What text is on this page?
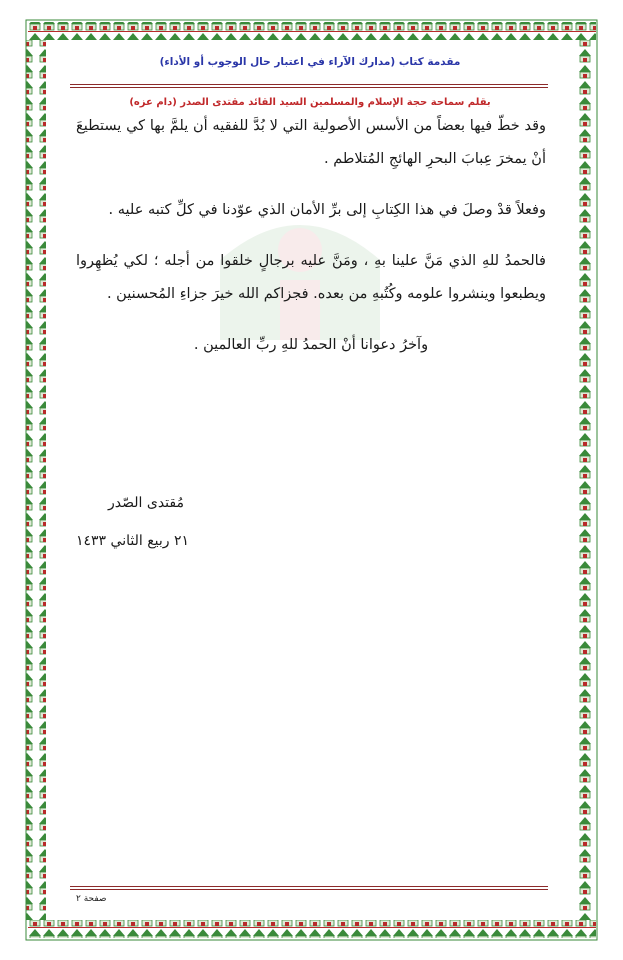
مقدمة كتاب (مدارك الآراء في اعتبار حال الوجوب أو الأداء)
بقلم سماحة حجة الإسلام والمسلمين السيد القائد مقتدى الصدر (دام عزه)

وقد خطّ فيها بعضاً من الأسس الأصولية التي لا بُدَّ للفقيه أن يلمَّ بها كي يستطيعَ أنْ يمخرَ عِبابَ البحرِ الهائجِ المُتلاطم .

وفعلاً قدْ وصلَ في هذا الكِتابِ إلى برِّ الأمان الذي عوّدنا في كلِّ كتبه عليه .

فالحمدُ للهِ الذي مَنَّ علينا بهِ ، ومَنَّ عليه برجالٍ خلقوا من أجله ؛ لكي يُظهِروا ويطبعوا وينشروا علومه وكُتُبهِ من بعده. فجزاكم الله خيرَ جزاءِ المُحسنين .

وآخرُ دعوانا أنْ الحمدُ للهِ ربِّ العالمين .

مُقتدى الصّدر
٢١ ربيع الثاني ١٤٣٣
صفحة ٢
